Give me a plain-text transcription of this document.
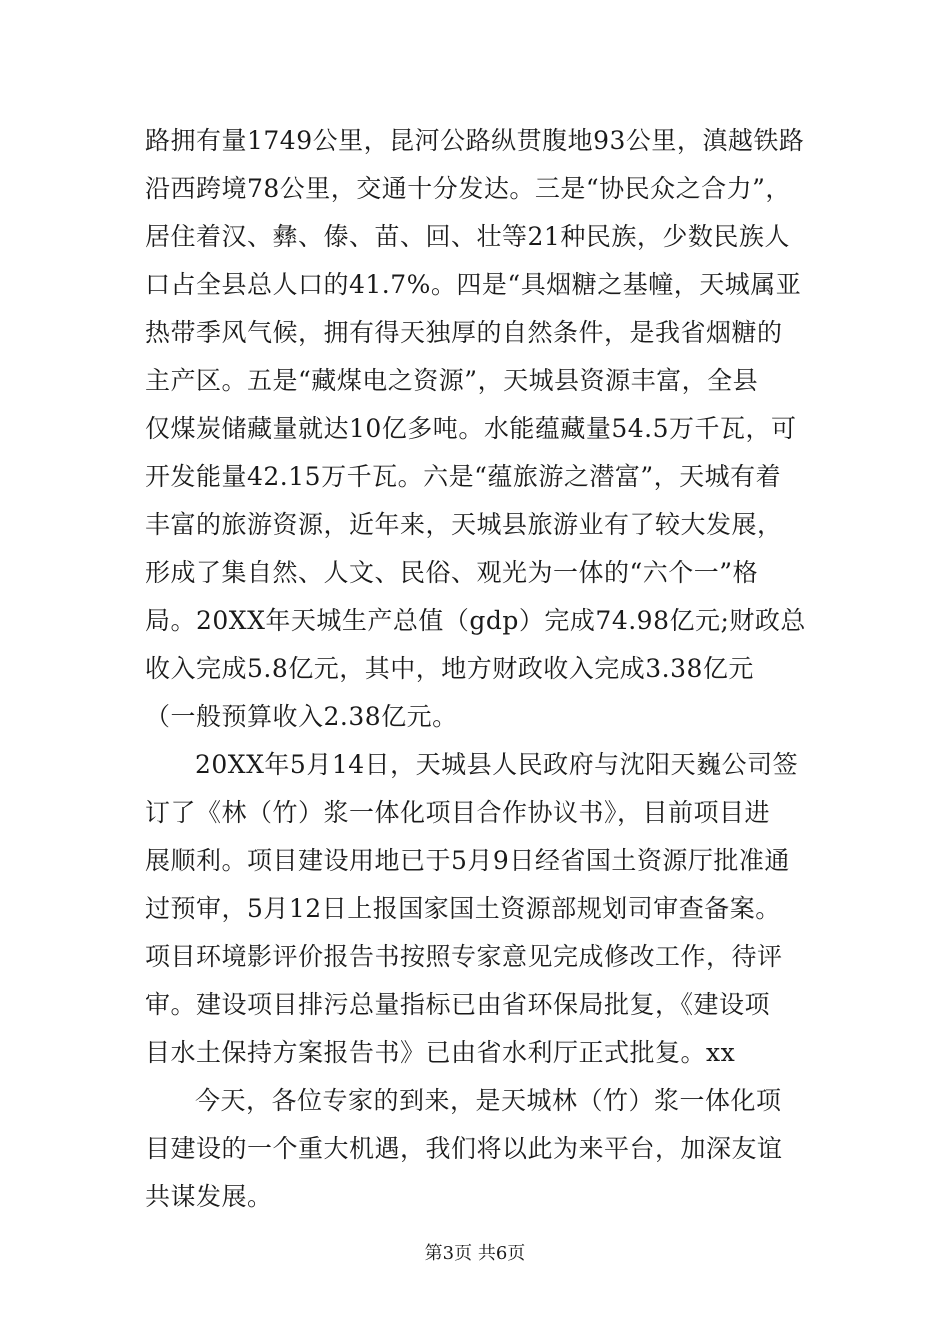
路拥有量1749公里，昆河公路纵贯腹地93公里，滇越铁路
沿西跨境78公里，交通十分发达。三是“协民众之合力”，
居住着汉、彝、傣、苗、回、壮等21种民族，少数民族人
口占全县总人口的41.7%。四是“具烟糖之基幢，天城属亚
热带季风气候，拥有得天独厚的自然条件，是我省烟糖的
主产区。五是“藏煤电之资源”，天城县资源丰富，全县
仅煤炭储藏量就达10亿多吨。水能蕴藏量54.5万千瓦，可
开发能量42.15万千瓦。六是“蕴旅游之潜富”，天城有着
丰富的旅游资源，近年来，天城县旅游业有了较大发展，
形成了集自然、人文、民俗、观光为一体的“六个一”格
局。20XX年天城生产总值（gdp）完成74.98亿元;财政总
收入完成5.8亿元，其中，地方财政收入完成3.38亿元
（一般预算收入2.38亿元。
20XX年5月14日，天城县人民政府与沈阳天巍公司签
订了《林（竹）浆一体化项目合作协议书》，目前项目进
展顺利。项目建设用地已于5月9日经省国土资源厅批准通
过预审，5月12日上报国家国土资源部规划司审查备案。
项目环境影评价报告书按照专家意见完成修改工作，待评
审。建设项目排污总量指标已由省环保局批复，《建设项
目水土保持方案报告书》已由省水利厅正式批复。xx
今天，各位专家的到来，是天城林（竹）浆一体化项
目建设的一个重大机遇，我们将以此为来平台，加深友谊
共谋发展。
第3页 共6页
